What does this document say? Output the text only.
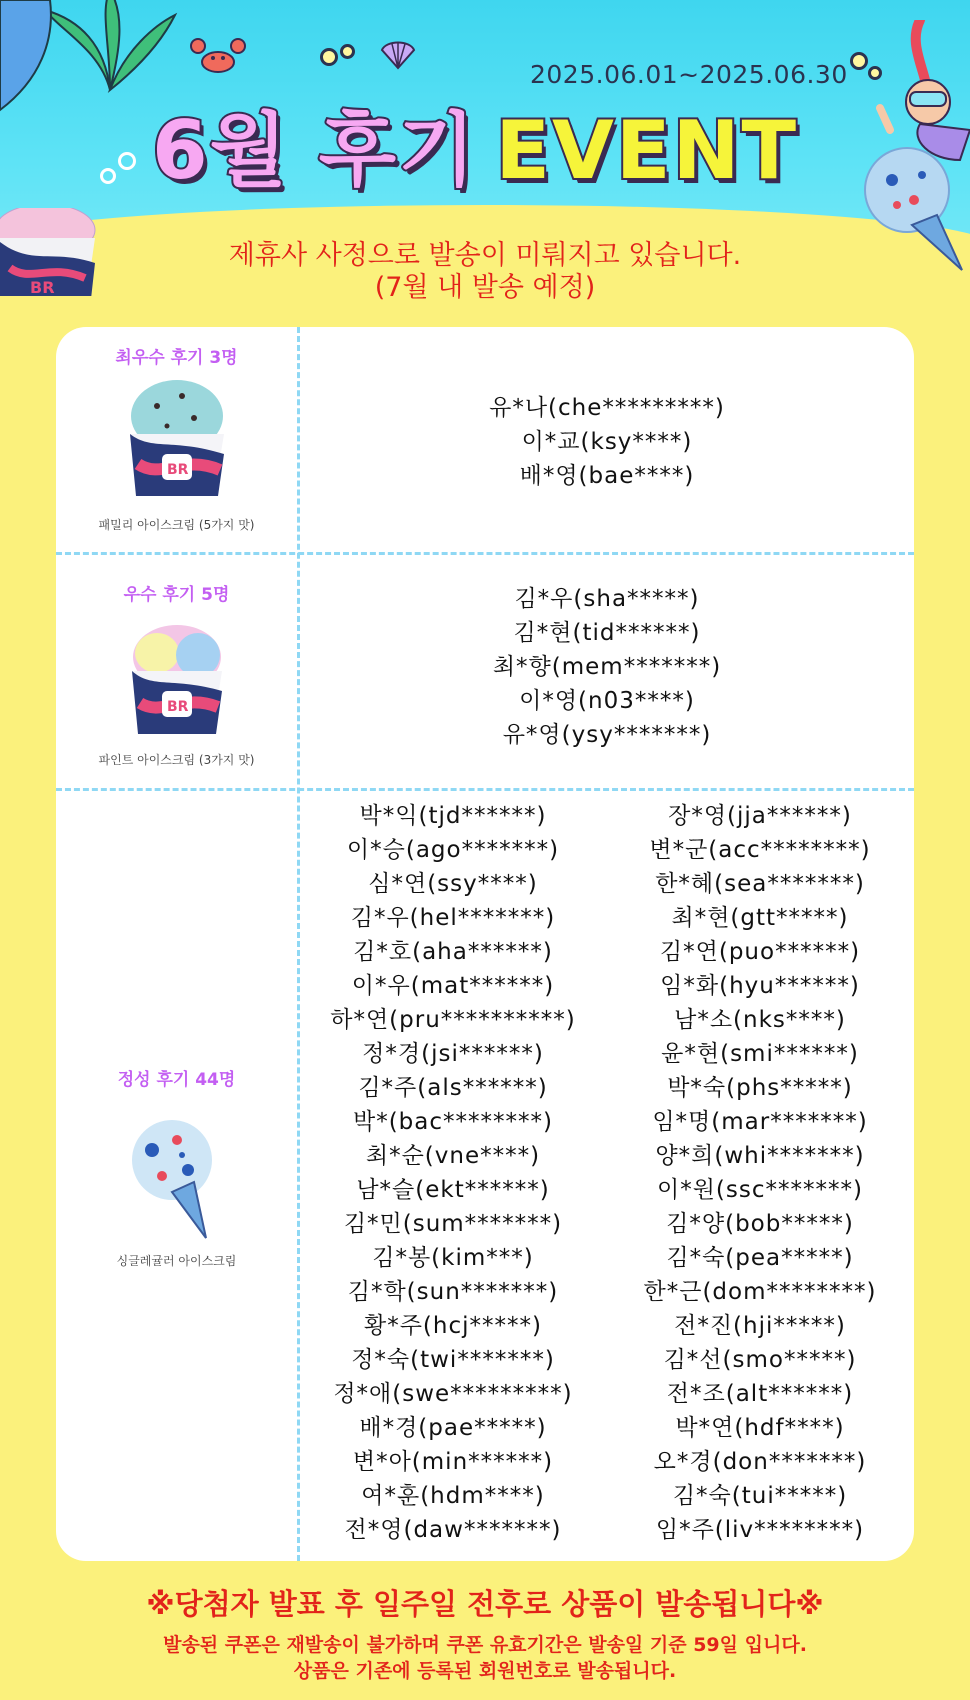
2025.06.01~2025.06.30
6월 후기 EVENT
BR
제휴사 사정으로 발송이 미뤄지고 있습니다.
(7월 내 발송 예정)
최우수 후기 3명
BR
패밀리 아이스크림 (5가지 맛)
유*나(che*********)
이*교(ksy****)
배*영(bae****)
우수 후기 5명
BR
파인트 아이스크림 (3가지 맛)
김*우(sha*****)
김*현(tid******)
최*향(mem*******)
이*영(n03****)
유*영(ysy*******)
정성 후기 44명
싱글레귤러 아이스크림
박*익(tjd******)
이*승(ago*******)
심*연(ssy****)
김*우(hel*******)
김*호(aha******)
이*우(mat******)
하*연(pru**********)
정*경(jsi******)
김*주(als******)
박*(bac********)
최*순(vne****)
남*슬(ekt******)
김*민(sum*******)
김*봉(kim***)
김*학(sun*******)
황*주(hcj*****)
정*숙(twi*******)
정*애(swe*********)
배*경(pae*****)
변*아(min******)
여*훈(hdm****)
전*영(daw*******)
장*영(jja******)
변*군(acc********)
한*혜(sea*******)
최*현(gtt*****)
김*연(puo******)
임*화(hyu******)
남*소(nks****)
윤*현(smi******)
박*숙(phs*****)
임*명(mar*******)
양*희(whi*******)
이*원(ssc*******)
김*양(bob*****)
김*숙(pea*****)
한*근(dom********)
전*진(hji*****)
김*선(smo*****)
전*조(alt******)
박*연(hdf****)
오*경(don*******)
김*숙(tui*****)
임*주(liv********)
※당첨자 발표 후 일주일 전후로 상품이 발송됩니다※
발송된 쿠폰은 재발송이 불가하며 쿠폰 유효기간은 발송일 기준 59일 입니다.
상품은 기존에 등록된 회원번호로 발송됩니다.
